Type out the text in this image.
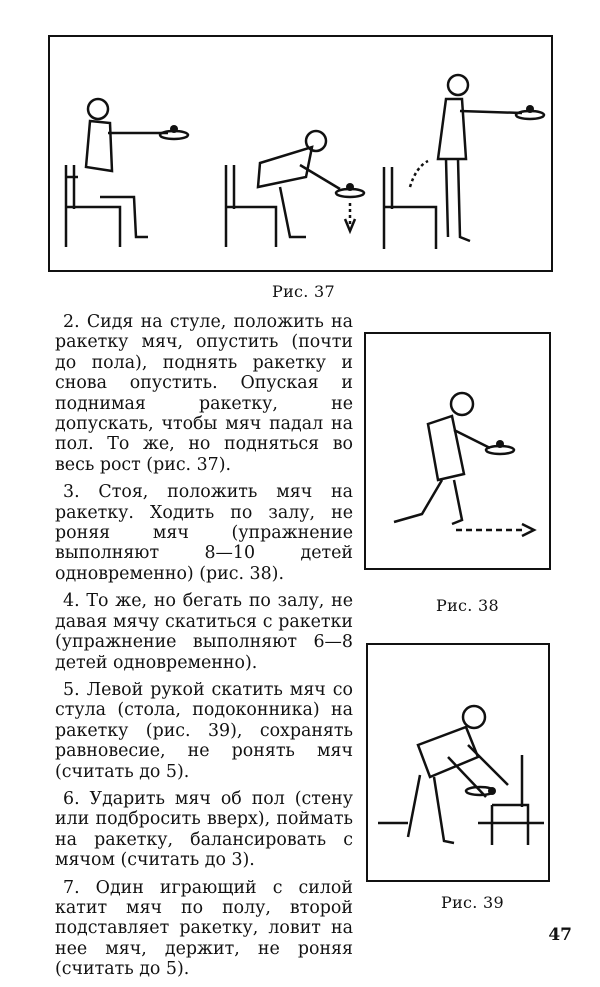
Рис. 37

2. Сидя на стуле, положить на ракетку мяч, опустить (почти до пола), поднять ракетку и снова опустить. Опуская и поднимая ракетку, не допускать, чтобы мяч падал на пол. То же, но подняться во весь рост (рис. 37).

3. Стоя, положить мяч на ракетку. Ходить по залу, не роняя мяч (упражнение выполняют 8—10 детей одновременно) (рис. 38).

4. То же, но бегать по залу, не давая мячу скатиться с ракетки (упражнение выполняют 6—8 детей одновременно).

5. Левой рукой скатить мяч со стула (стола, подоконника) на ракетку (рис. 39), сохранять равновесие, не ронять мяч (считать до 5).

6. Ударить мяч об пол (стену или подбросить вверх), поймать на ракетку, балансировать с мячом (считать до 3).

7. Один играющий с силой катит мяч по полу, второй подставляет ракетку, ловит на нее мяч, держит, не роняя (считать до 5).

Рис. 38
Рис. 39
47
